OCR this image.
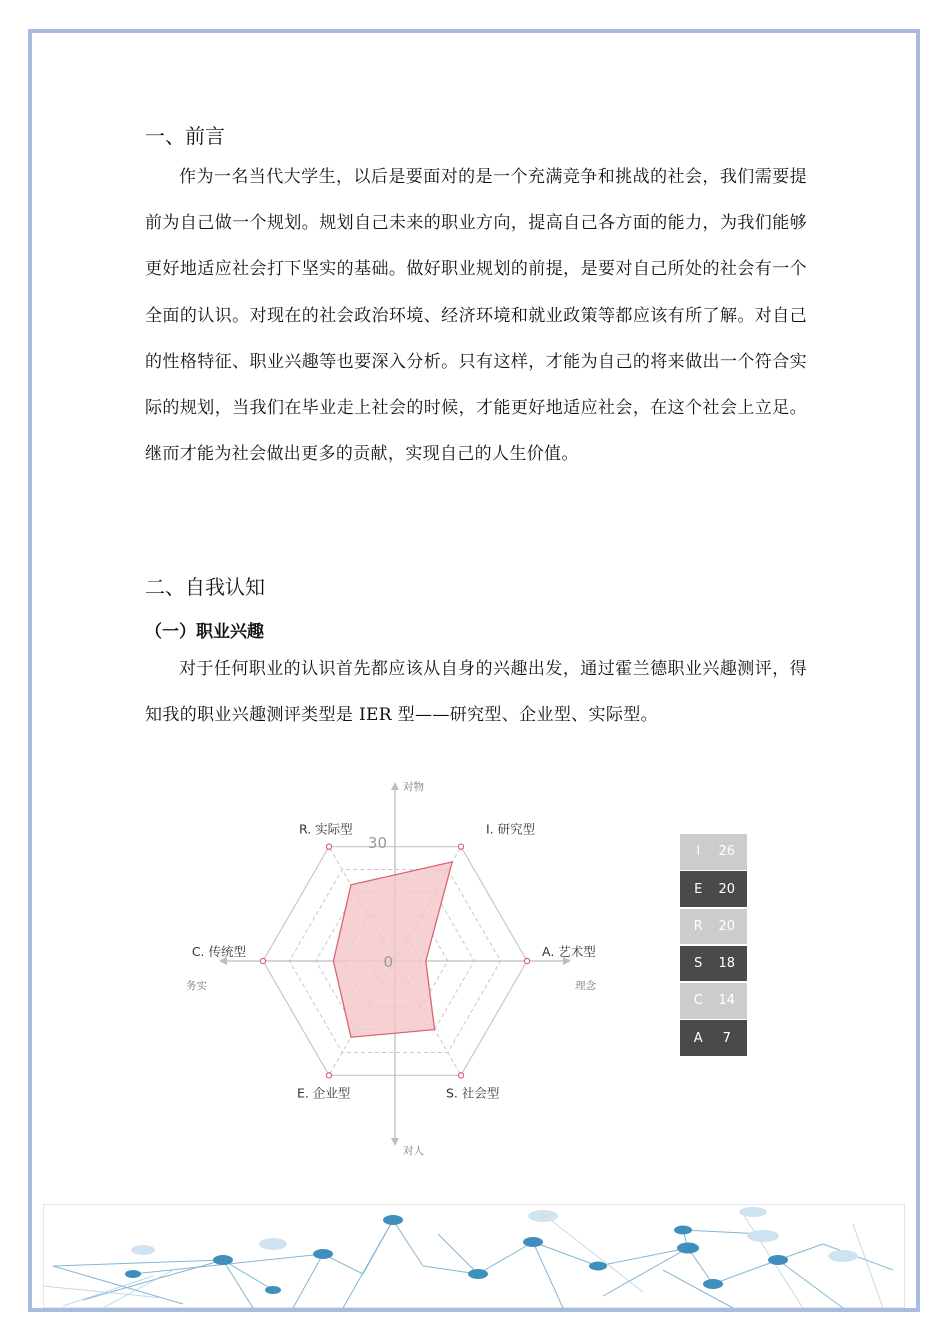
一、前言

作为一名当代大学生，以后是要面对的是一个充满竞争和挑战的社会，我们需要提前为自己做一个规划。规划自己未来的职业方向，提高自己各方面的能力，为我们能够更好地适应社会打下坚实的基础。做好职业规划的前提，是要对自己所处的社会有一个全面的认识。对现在的社会政治环境、经济环境和就业政策等都应该有所了解。对自己的性格特征、职业兴趣等也要深入分析。只有这样，才能为自己的将来做出一个符合实际的规划，当我们在毕业走上社会的时候，才能更好地适应社会，在这个社会上立足。继而才能为社会做出更多的贡献，实现自己的人生价值。

二、自我认知
（一）职业兴趣

对于任何职业的认识首先都应该从自身的兴趣出发，通过霍兰德职业兴趣测评，得知我的职业兴趣测评类型是 IER 型——研究型、企业型、实际型。

I. 研究型
A. 艺术型
S. 社会型
E. 企业型
C. 传统型
R. 实际型
30
0
对物
对人
务实	理念
I	26
E	20
R	20
S	18
C	14
A	7
